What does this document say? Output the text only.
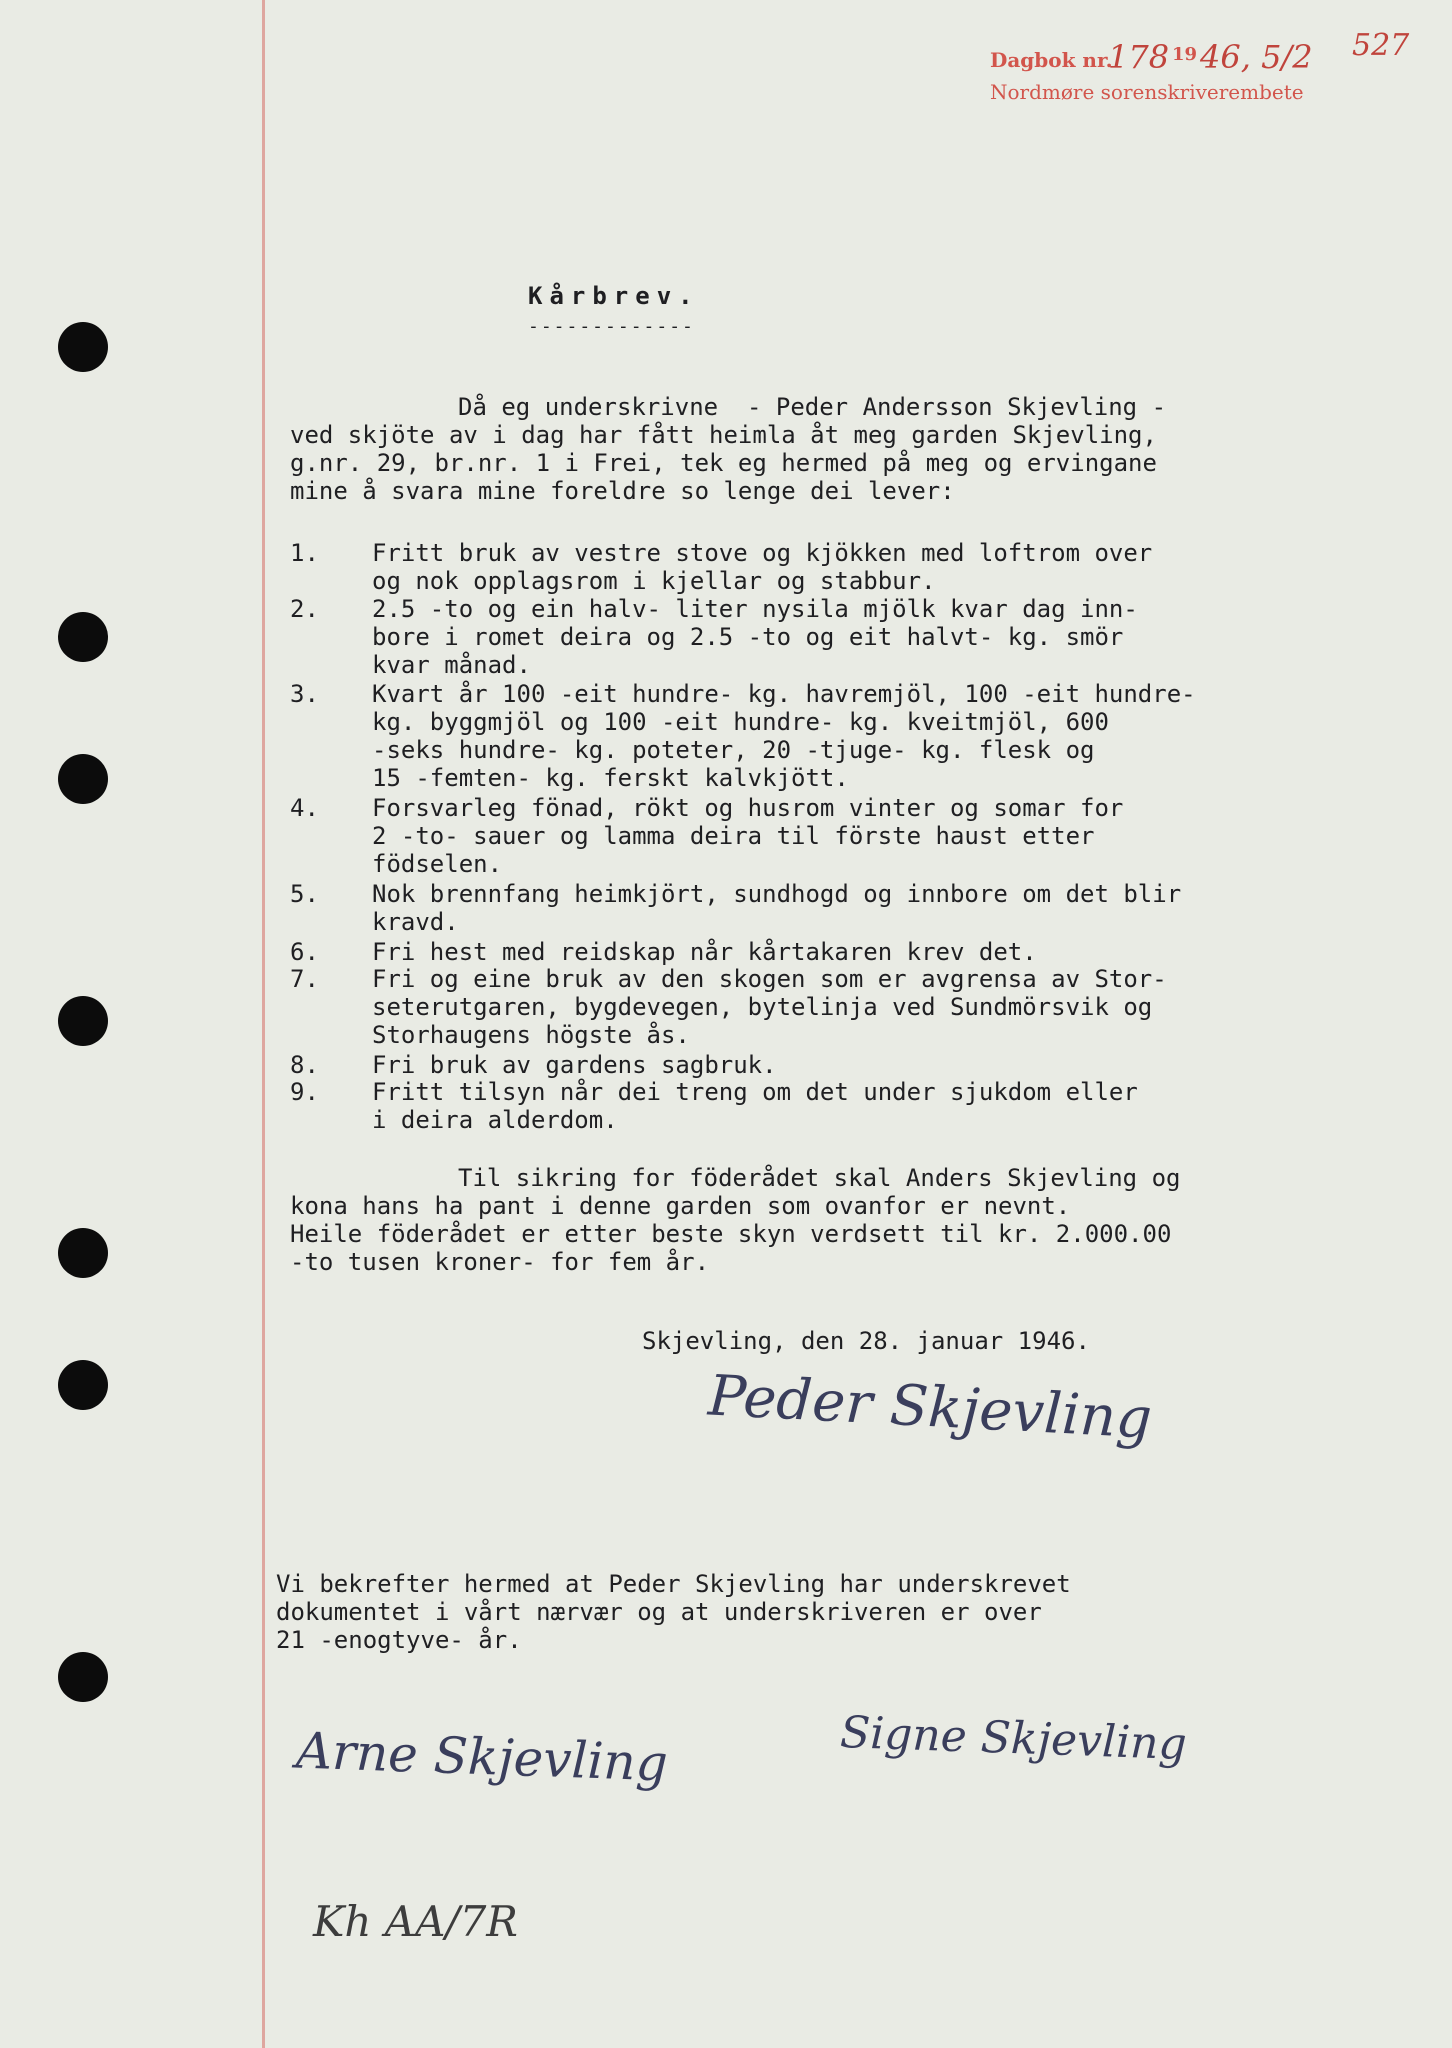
Dagbok nr.
178 19 46, 5/2 527
Nordmøre sorenskriverembete
Kårbrev.
-------------
Då eg underskrivne  - Peder Andersson Skjevling -
ved skjöte av i dag har fått heimla åt meg garden Skjevling,
g.nr. 29, br.nr. 1 i Frei, tek eg hermed på meg og ervingane
mine å svara mine foreldre so lenge dei lever:
1. Fritt bruk av vestre stove og kjökken med loftrom over
og nok opplagsrom i kjellar og stabbur.
2. 2.5 -to og ein halv- liter nysila mjölk kvar dag inn-
bore i romet deira og 2.5 -to og eit halvt- kg. smör
kvar månad.
3. Kvart år 100 -eit hundre- kg. havremjöl, 100 -eit hundre-
kg. byggmjöl og 100 -eit hundre- kg. kveitmjöl, 600
-seks hundre- kg. poteter, 20 -tjuge- kg. flesk og
15 -femten- kg. ferskt kalvkjött.
4. Forsvarleg fönad, rökt og husrom vinter og somar for
2 -to- sauer og lamma deira til förste haust etter
födselen.
5. Nok brennfang heimkjört, sundhogd og innbore om det blir
kravd.
6. Fri hest med reidskap når kårtakaren krev det.
7. Fri og eine bruk av den skogen som er avgrensa av Stor-
seterutgaren, bygdevegen, bytelinja ved Sundmörsvik og
Storhaugens högste ås.
8. Fri bruk av gardens sagbruk.
9. Fritt tilsyn når dei treng om det under sjukdom eller
i deira alderdom.
Til sikring for föderådet skal Anders Skjevling og
kona hans ha pant i denne garden som ovanfor er nevnt.
Heile föderådet er etter beste skyn verdsett til kr. 2.000.00
-to tusen kroner- for fem år.
Skjevling, den 28. januar 1946.
Peder Skjevling
Vi bekrefter hermed at Peder Skjevling har underskrevet
dokumentet i vårt nærvær og at underskriveren er over
21 -enogtyve- år.
Arne Skjevling	Signe Skjevling
Kh AA/7R
